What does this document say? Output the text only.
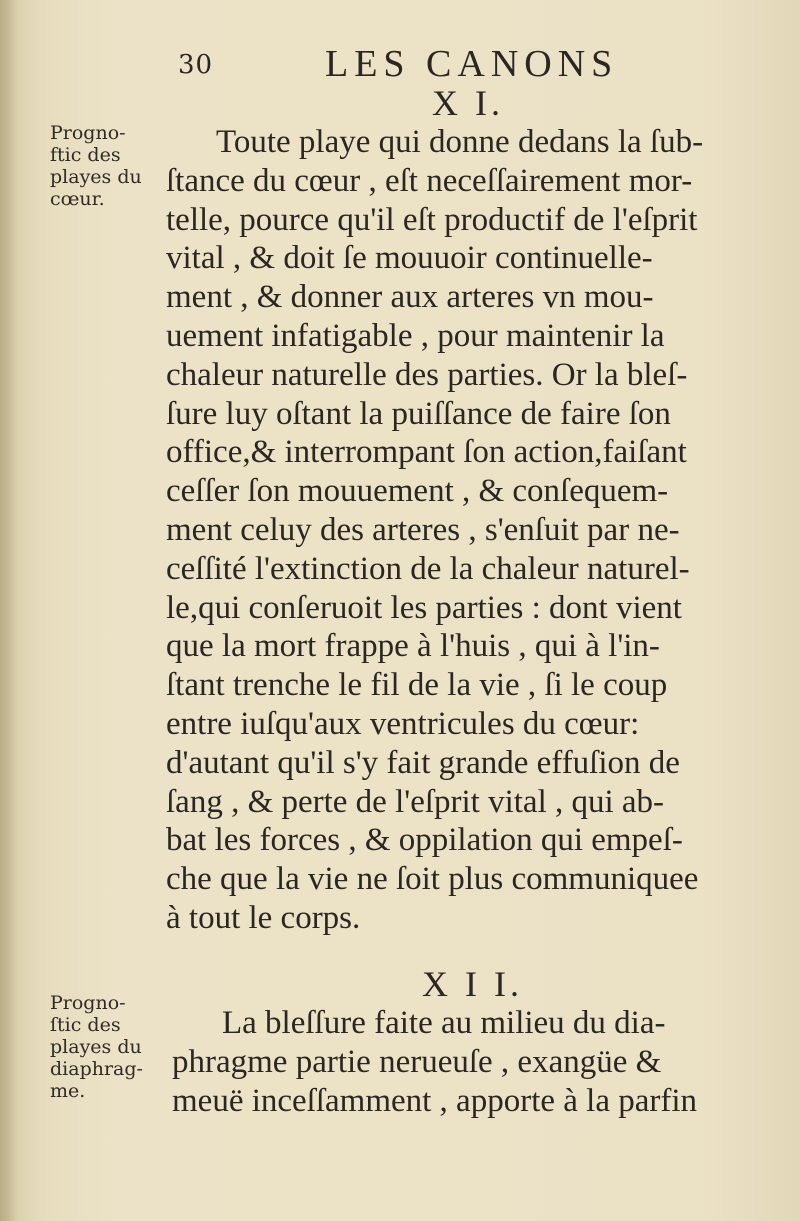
30	LES CANONS
X I.
Progno-
ftic des
playes du
cœur.
Toute playe qui donne dedans la ſub-
ſtance du cœur , eſt neceſſairement mor-
telle, pource qu'il eſt productif de l'eſprit
vital , & doit ſe mouuoir continuelle-
ment , & donner aux arteres vn mou-
uement infatigable , pour maintenir la
chaleur naturelle des parties. Or la bleſ-
ſure luy oſtant la puiſſance de faire ſon
office,& interrompant ſon action,faiſant
ceſſer ſon mouuement , & conſequem-
ment celuy des arteres , s'enſuit par ne-
ceſſité l'extinction de la chaleur naturel-
le,qui conſeruoit les parties : dont vient
que la mort frappe à l'huis , qui à l'in-
ſtant trenche le fil de la vie , ſi le coup
entre iuſqu'aux ventricules du cœur:
d'autant qu'il s'y fait grande effuſion de
ſang , & perte de l'eſprit vital , qui ab-
bat les forces , & oppilation qui empeſ-
che que la vie ne ſoit plus communiquee
à tout le corps.
X I I.
Progno-
ſtic des
playes du
diaphrag-
me.
La bleſſure faite au milieu du dia-
phragme partie nerueuſe , exangüe &
meuë inceſſamment , apporte à la parfin
